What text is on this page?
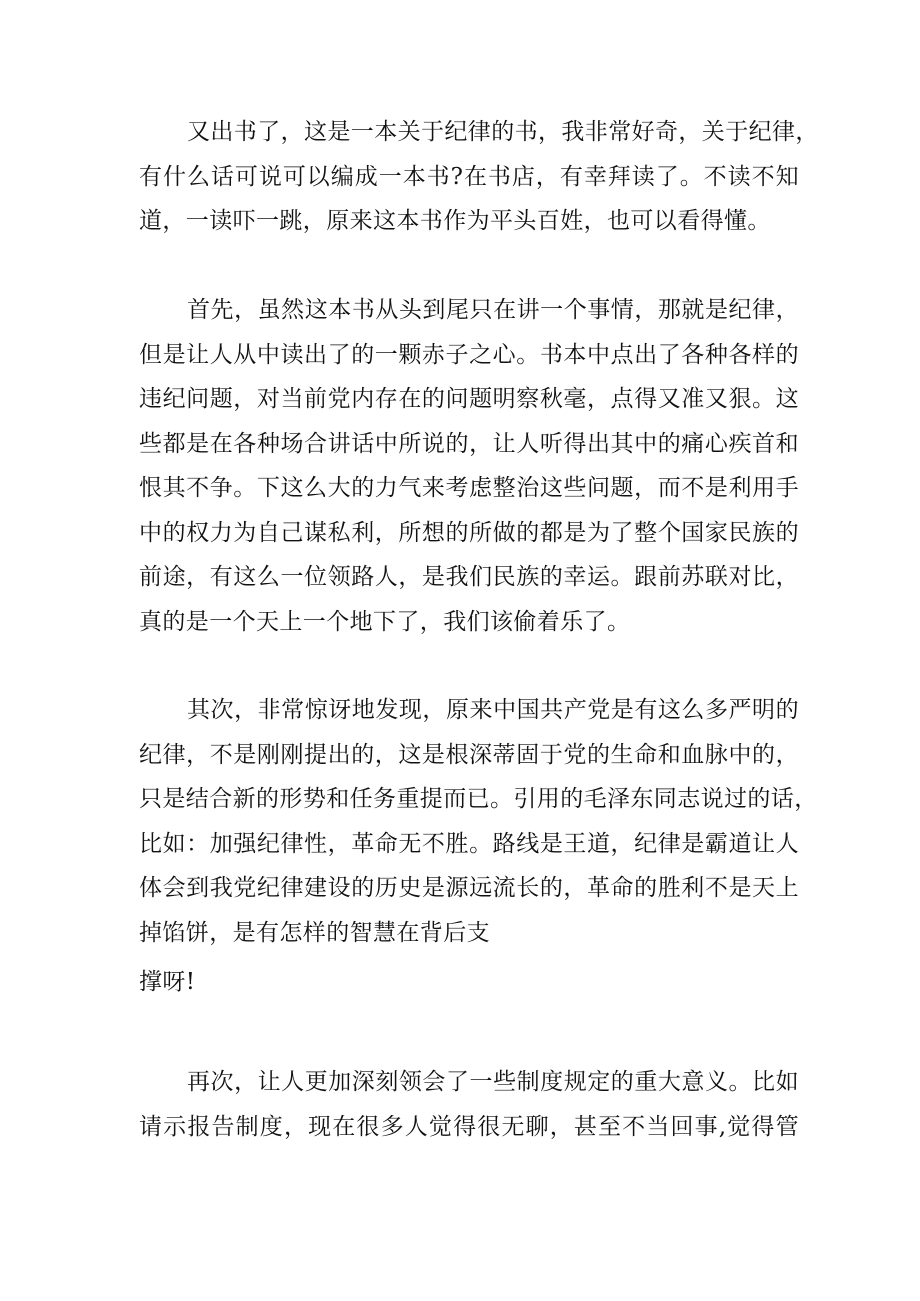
又出书了，这是一本关于纪律的书，我非常好奇，关于纪律，
有什么话可说可以编成一本书?在书店，有幸拜读了。不读不知
道，一读吓一跳，原来这本书作为平头百姓，也可以看得懂。
首先，虽然这本书从头到尾只在讲一个事情，那就是纪律，
但是让人从中读出了的一颗赤子之心。书本中点出了各种各样的
违纪问题，对当前党内存在的问题明察秋毫，点得又准又狠。这
些都是在各种场合讲话中所说的，让人听得出其中的痛心疾首和
恨其不争。下这么大的力气来考虑整治这些问题，而不是利用手
中的权力为自己谋私利，所想的所做的都是为了整个国家民族的
前途，有这么一位领路人，是我们民族的幸运。跟前苏联对比，
真的是一个天上一个地下了，我们该偷着乐了。
其次，非常惊讶地发现，原来中国共产党是有这么多严明的
纪律，不是刚刚提出的，这是根深蒂固于党的生命和血脉中的，
只是结合新的形势和任务重提而已。引用的毛泽东同志说过的话，
比如：加强纪律性，革命无不胜。路线是王道，纪律是霸道让人
体会到我党纪律建设的历史是源远流长的，革命的胜利不是天上
掉馅饼，是有怎样的智慧在背后支
撑呀!
再次，让人更加深刻领会了一些制度规定的重大意义。比如
请示报告制度，现在很多人觉得很无聊，甚至不当回事,觉得管
